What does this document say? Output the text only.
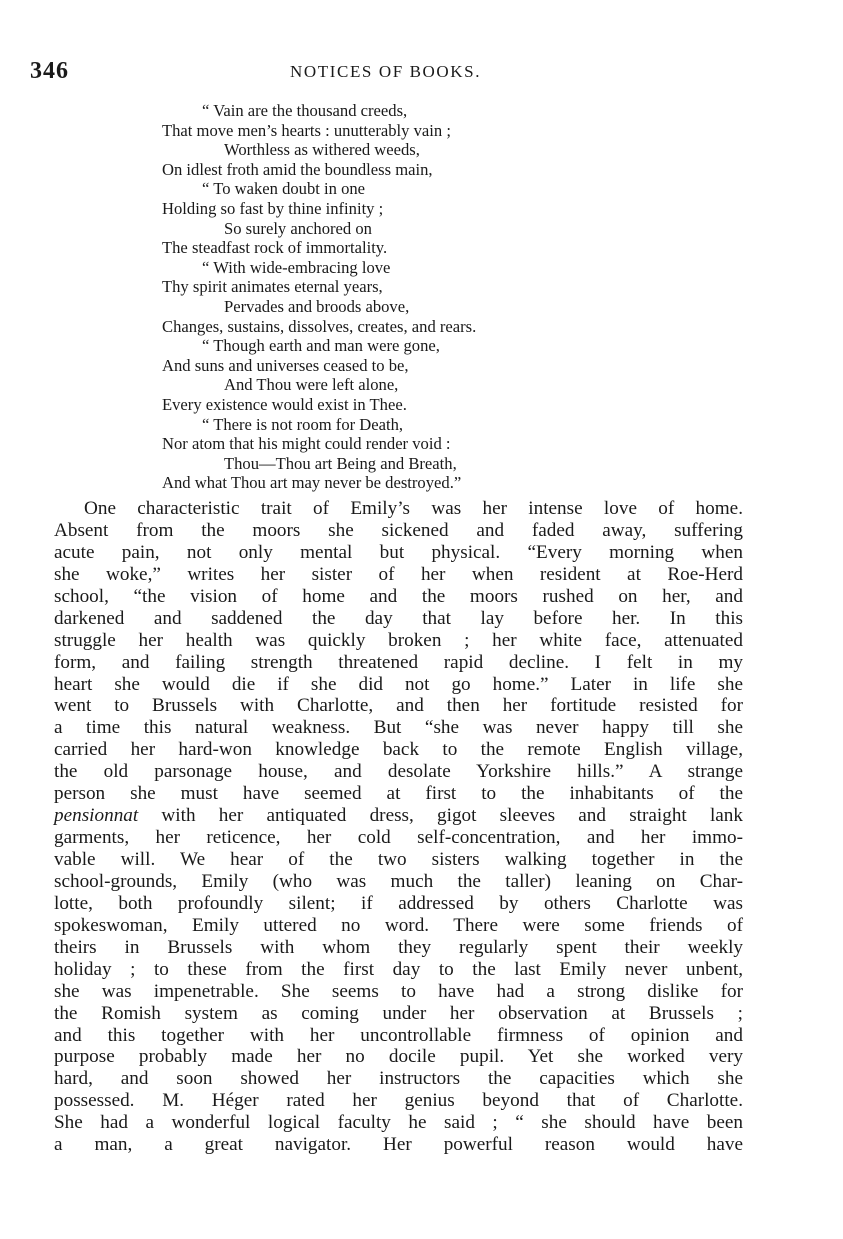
346	NOTICES OF BOOKS.
“ Vain are the thousand creeds,
That move men’s hearts : unutterably vain ;
Worthless as withered weeds,
On idlest froth amid the boundless main,
“ To waken doubt in one
Holding so fast by thine infinity ;
So surely anchored on
The steadfast rock of immortality.
“ With wide-embracing love
Thy spirit animates eternal years,
Pervades and broods above,
Changes, sustains, dissolves, creates, and rears.
“ Though earth and man were gone,
And suns and universes ceased to be,
And Thou were left alone,
Every existence would exist in Thee.
“ There is not room for Death,
Nor atom that his might could render void :
Thou—Thou art Being and Breath,
And what Thou art may never be destroyed.”
One characteristic trait of Emily’s was her intense love of home.
Absent from the moors she sickened and faded away, suffering
acute pain, not only mental but physical. “Every morning when
she woke,” writes her sister of her when resident at Roe-Herd
school, “the vision of home and the moors rushed on her, and
darkened and saddened the day that lay before her. In this
struggle her health was quickly broken ; her white face, attenuated
form, and failing strength threatened rapid decline. I felt in my
heart she would die if she did not go home.” Later in life she
went to Brussels with Charlotte, and then her fortitude resisted for
a time this natural weakness. But “she was never happy till she
carried her hard-won knowledge back to the remote English village,
the old parsonage house, and desolate Yorkshire hills.” A strange
person she must have seemed at first to the inhabitants of the
pensionnat with her antiquated dress, gigot sleeves and straight lank
garments, her reticence, her cold self-concentration, and her immo-
vable will. We hear of the two sisters walking together in the
school-grounds, Emily (who was much the taller) leaning on Char-
lotte, both profoundly silent; if addressed by others Charlotte was
spokeswoman, Emily uttered no word. There were some friends of
theirs in Brussels with whom they regularly spent their weekly
holiday ; to these from the first day to the last Emily never unbent,
she was impenetrable. She seems to have had a strong dislike for
the Romish system as coming under her observation at Brussels ;
and this together with her uncontrollable firmness of opinion and
purpose probably made her no docile pupil. Yet she worked very
hard, and soon showed her instructors the capacities which she
possessed. M. Héger rated her genius beyond that of Charlotte.
She had a wonderful logical faculty he said ; “ she should have been
a man, a great navigator. Her powerful reason would have
